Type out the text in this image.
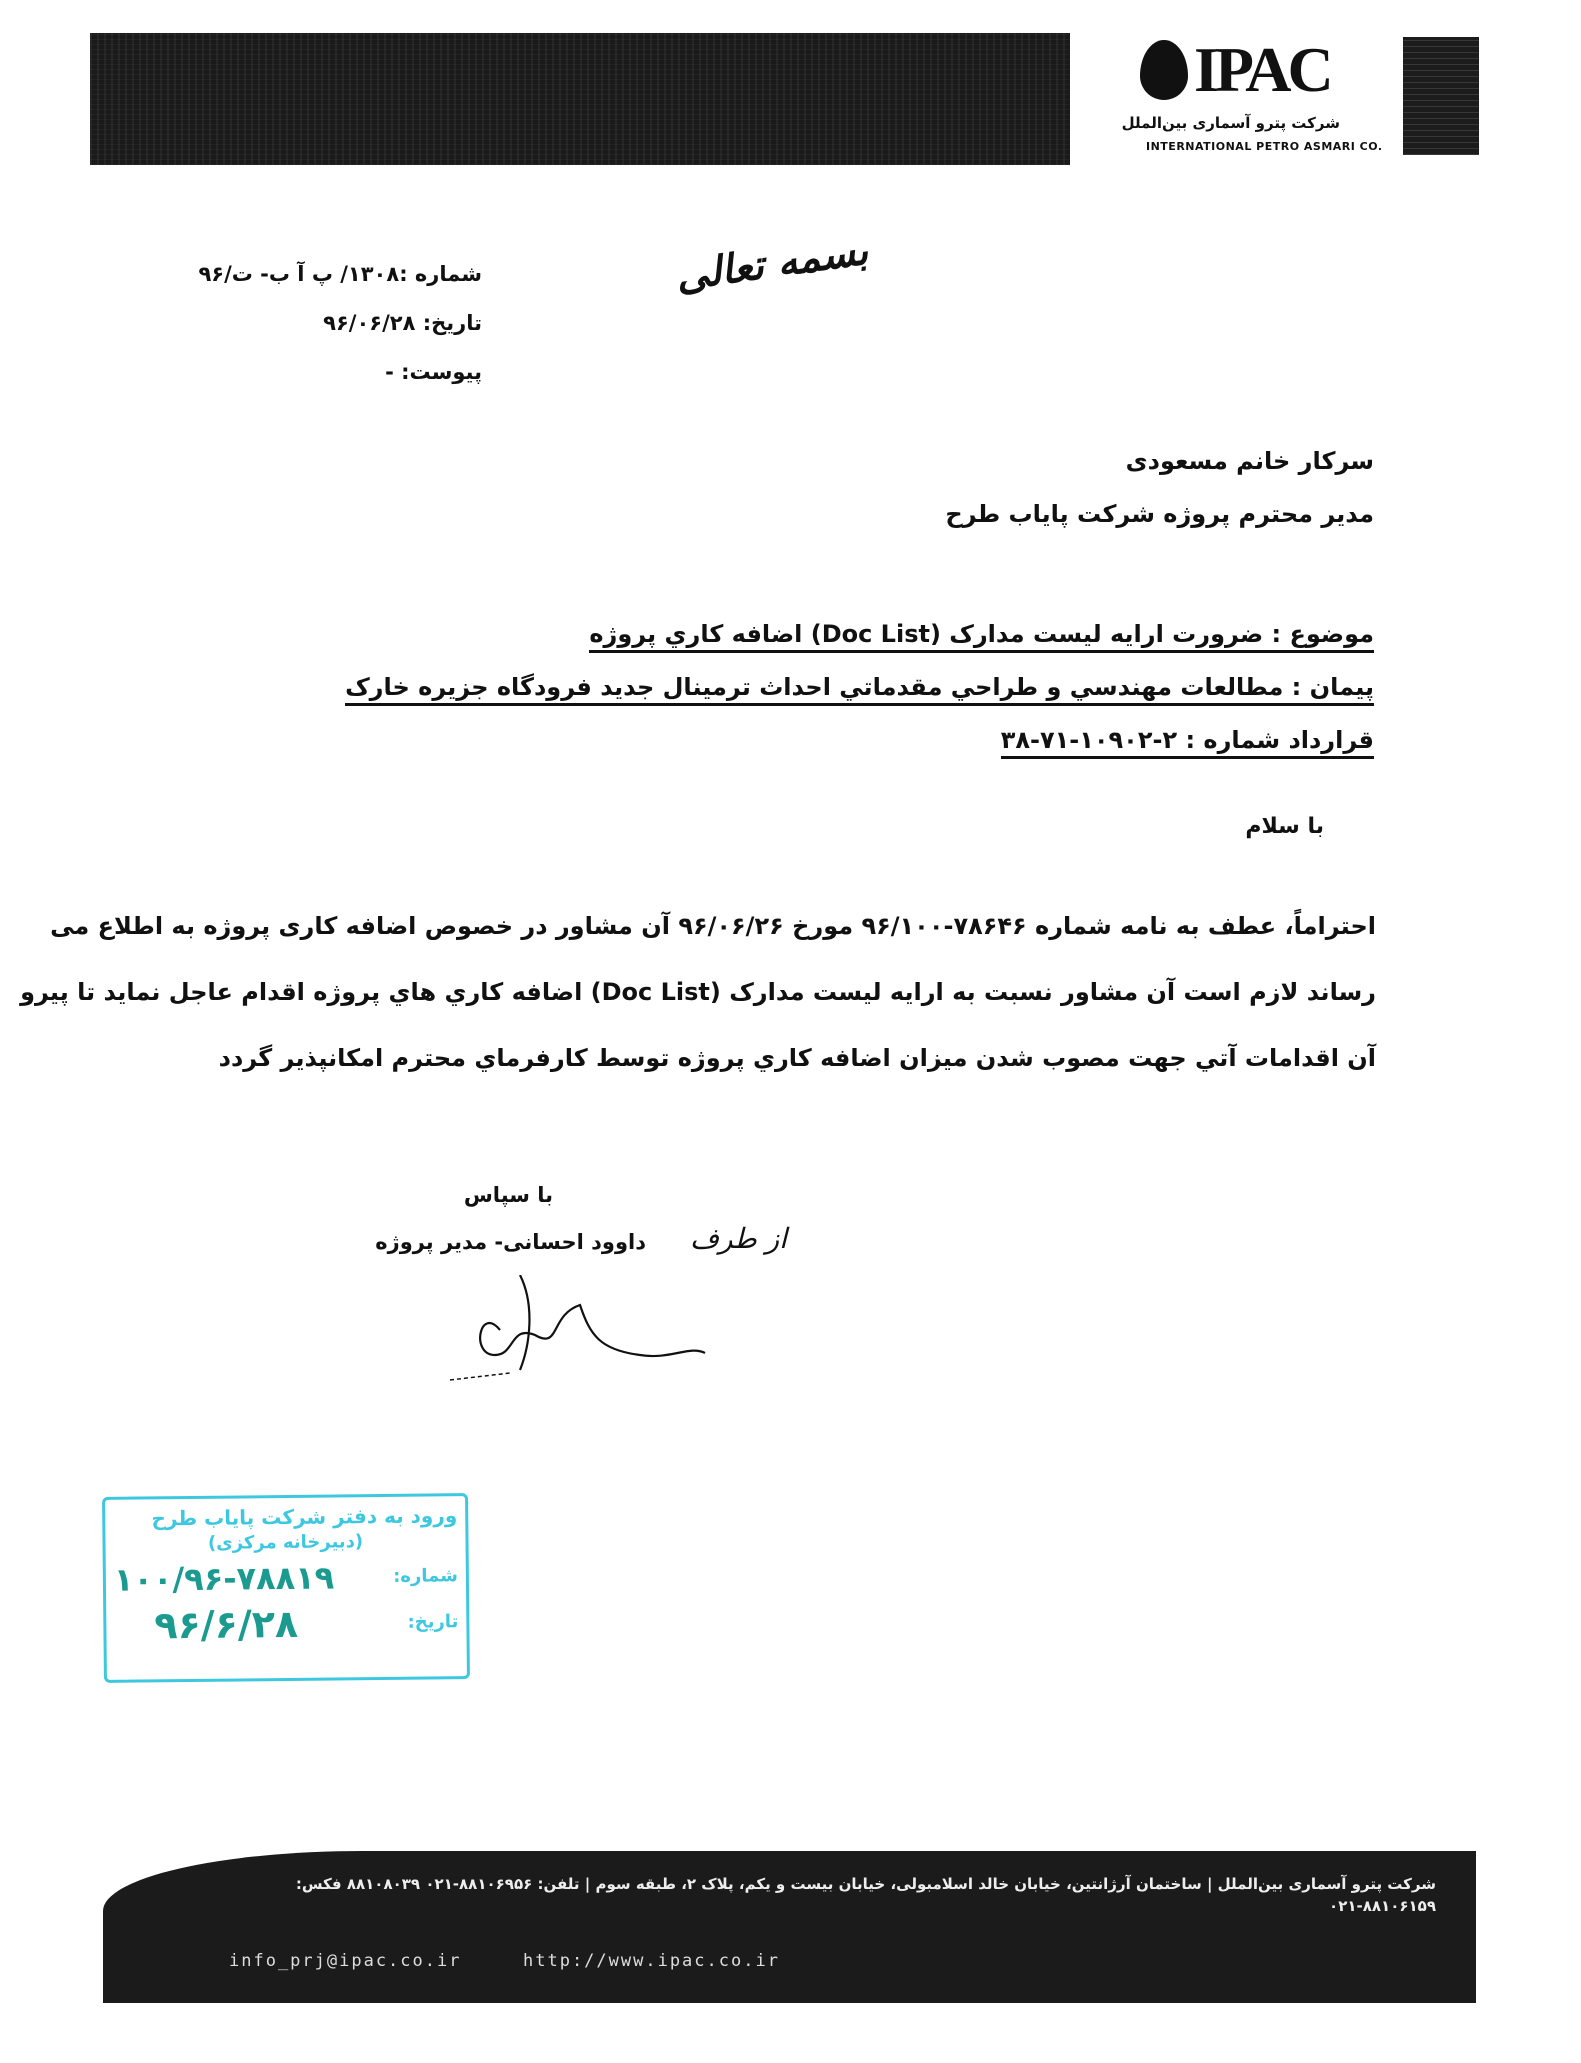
IPAC
شرکت پترو آسماری بین‌الملل
INTERNATIONAL PETRO ASMARI CO.
بسمه تعالی
شماره :۱۳۰۸/ پ آ ب- ت/۹۶
تاریخ: ۹۶/۰۶/۲۸
پیوست: -
سرکار خانم مسعودی
مدیر محترم پروژه شرکت پایاب طرح
موضوع : ضرورت ارایه لیست مدارک (Doc List) اضافه کاري پروژه
پیمان : مطالعات مهندسي و طراحي مقدماتي احداث ترمینال جدید فرودگاه جزیره خارک
قرارداد شماره : ۲-۱۰۹۰۲-۷۱-۳۸
با سلام
احتراماً، عطف به نامه شماره ۷۸۶۴۶-۹۶/۱۰۰ مورخ ۹۶/۰۶/۲۶ آن مشاور در خصوص اضافه کاری پروژه به اطلاع می
رساند لازم است آن مشاور نسبت به ارایه لیست مدارک (Doc List) اضافه کاري هاي پروژه اقدام عاجل نماید تا پیرو
آن اقدامات آتي جهت مصوب شدن میزان اضافه کاري پروژه توسط کارفرماي محترم امکانپذیر گردد
با سپاس
از طرف
داوود احسانی- مدیر پروژه
ورود به دفتر شرکت پایاب طرح
(دبیرخانه مرکزی)
شماره:
۱۰۰/۹۶-۷۸۸۱۹
تاریخ:
۹۶/۶/۲۸
شرکت پترو آسماری بین‌الملل | ساختمان آرژانتین، خیابان خالد اسلامبولی، خیابان بیست و یکم، پلاک ۲، طبقه سوم | تلفن: ۸۸۱۰۶۹۵۶-۰۲۱ ۸۸۱۰۸۰۳۹ فکس: ۸۸۱۰۶۱۵۹-۰۲۱
info_prj@ipac.co.ir	http://www.ipac.co.ir
